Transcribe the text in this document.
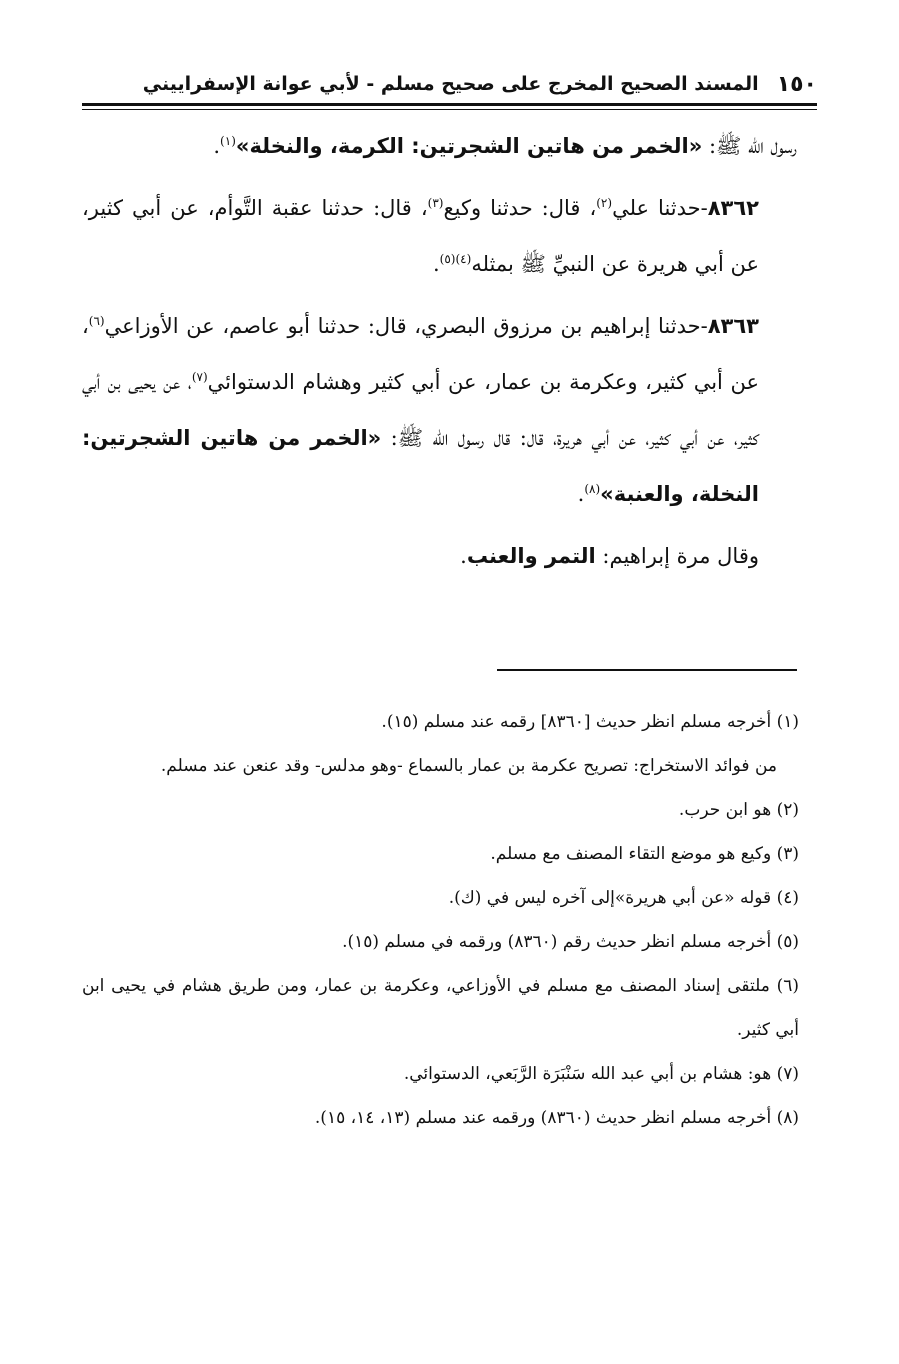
١٥٠
المسند الصحيح المخرج على صحيح مسلم - لأبي عوانة الإسفراييني

رسول الله ﷺ: «الخمر من هاتين الشجرتين: الكرمة، والنخلة»$^{(١)}$.

٨٣٦٢-حدثنا علي$^{(٢)}$، قال: حدثنا وكيع$^{(٣)}$، قال: حدثنا عقبة التَّوأم، عن أبي كثير، عن أبي هريرة عن النبيِّ ﷺ بمثله$^{(٤)(٥)}$.

٨٣٦٣-حدثنا إبراهيم بن مرزوق البصري، قال: حدثنا أبو عاصم، عن الأوزاعي$^{(٦)}$، عن أبي كثير، وعكرمة بن عمار، عن أبي كثير وهشام الدستوائي$^{(٧)}$، عن يحيى بن أبي كثير، عن أبي كثير، عن أبي هريرة، قال: قال رسول الله ﷺ: «الخمر من هاتين الشجرتين: النخلة، والعنبة»$^{(٨)}$.

وقال مرة إبراهيم: التمر والعنب.

(١) أخرجه مسلم انظر حديث [٨٣٦٠] رقمه عند مسلم (١٥).

من فوائد الاستخراج: تصريح عكرمة بن عمار بالسماع -وهو مدلس- وقد عنعن عند مسلم.

(٢) هو ابن حرب.

(٣) وكيع هو موضع التقاء المصنف مع مسلم.

(٤) قوله «عن أبي هريرة»إلى آخره ليس في (ك).

(٥) أخرجه مسلم انظر حديث رقم (٨٣٦٠) ورقمه في مسلم (١٥).

(٦) ملتقى إسناد المصنف مع مسلم في الأوزاعي، وعكرمة بن عمار، ومن طريق هشام في يحيى ابن أبي كثير.

(٧) هو: هشام بن أبي عبد الله سَنْبَرَة الرَّبَعي، الدستوائي.

(٨) أخرجه مسلم انظر حديث (٨٣٦٠) ورقمه عند مسلم (١٣، ١٤، ١٥).
